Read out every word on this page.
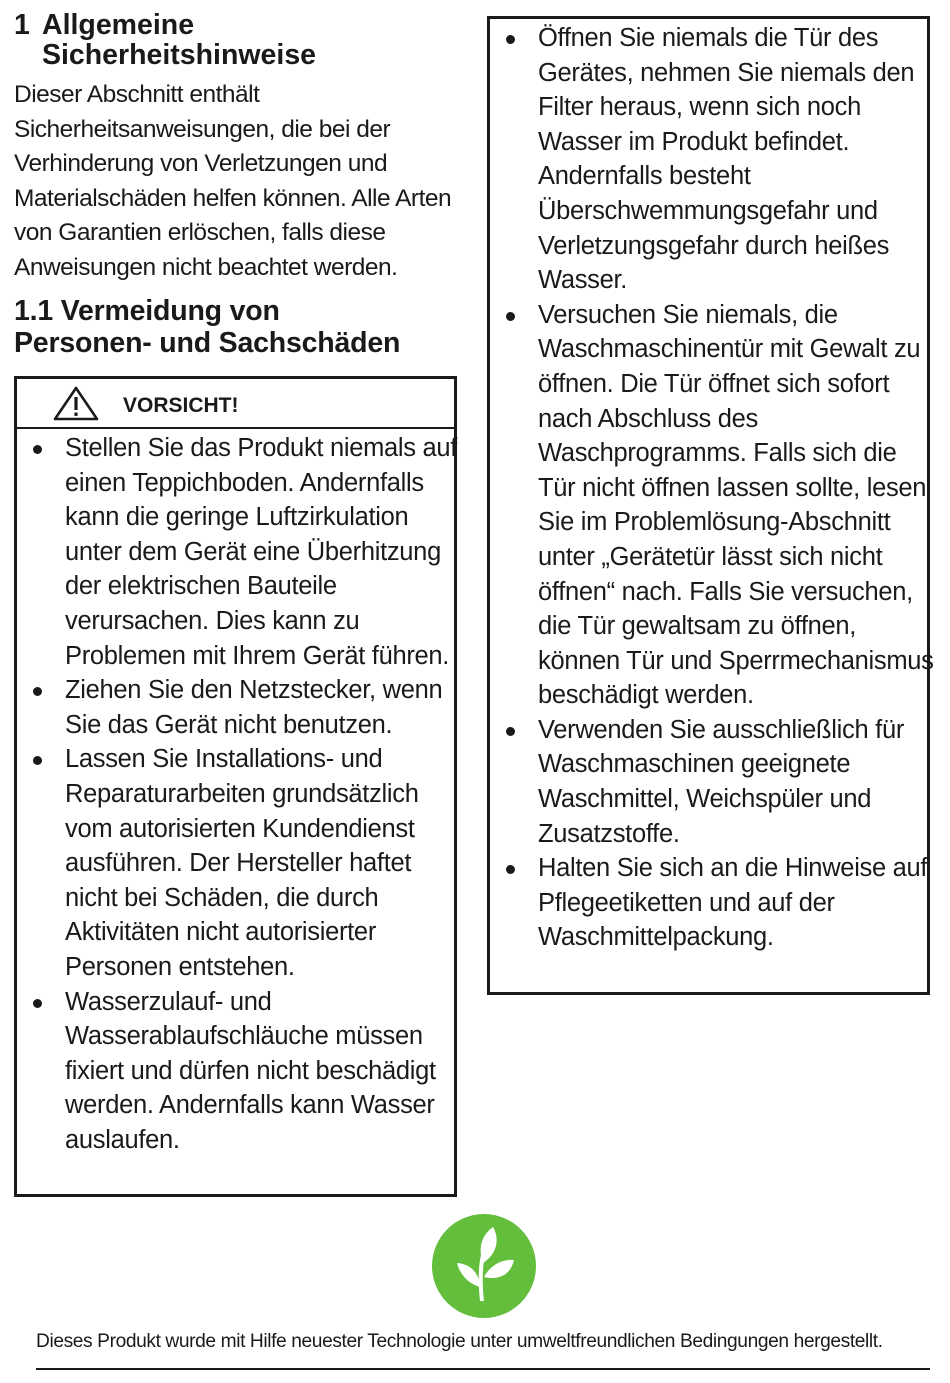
1 Allgemeine
Sicherheitshinweise

Dieser Abschnitt enthält Sicherheitsanweisungen, die bei der Verhinderung von Verletzungen und Materialschäden helfen können. Alle Arten von Garantien erlöschen, falls diese Anweisungen nicht beachtet werden.

1.1 Vermeidung von
Personen- und Sachschäden
VORSICHT!
Stellen Sie das Produkt niemals auf einen Teppichboden. Andernfalls kann die geringe Luftzirkulation unter dem Gerät eine Überhitzung der elektrischen Bauteile verursachen. Dies kann zu Problemen mit Ihrem Gerät führen.
Ziehen Sie den Netzstecker, wenn Sie das Gerät nicht benutzen.
Lassen Sie Installations- und Reparaturarbeiten grundsätzlich vom autorisierten Kundendienst ausführen. Der Hersteller haftet nicht bei Schäden, die durch Aktivitäten nicht autorisierter Personen entstehen.
Wasserzulauf- und Wasserablaufschläuche müssen fixiert und dürfen nicht beschädigt werden. Andernfalls kann Wasser auslaufen.
Öffnen Sie niemals die Tür des Gerätes, nehmen Sie niemals den Filter heraus, wenn sich noch Wasser im Produkt befindet. Andernfalls besteht Überschwemmungsgefahr und Verletzungsgefahr durch heißes Wasser.
Versuchen Sie niemals, die Waschmaschinentür mit Gewalt zu öffnen. Die Tür öffnet sich sofort nach Abschluss des Waschprogramms. Falls sich die Tür nicht öffnen lassen sollte, lesen Sie im Problemlösung-Abschnitt unter „Gerätetür lässt sich nicht öffnen“ nach. Falls Sie versuchen, die Tür gewaltsam zu öffnen, können Tür und Sperrmechanismus beschädigt werden.
Verwenden Sie ausschließlich für Waschmaschinen geeignete Waschmittel, Weichspüler und Zusatzstoffe.
Halten Sie sich an die Hinweise auf Pflegeetiketten und auf der Waschmittelpackung.
Dieses Produkt wurde mit Hilfe neuester Technologie unter umweltfreundlichen Bedingungen hergestellt.
